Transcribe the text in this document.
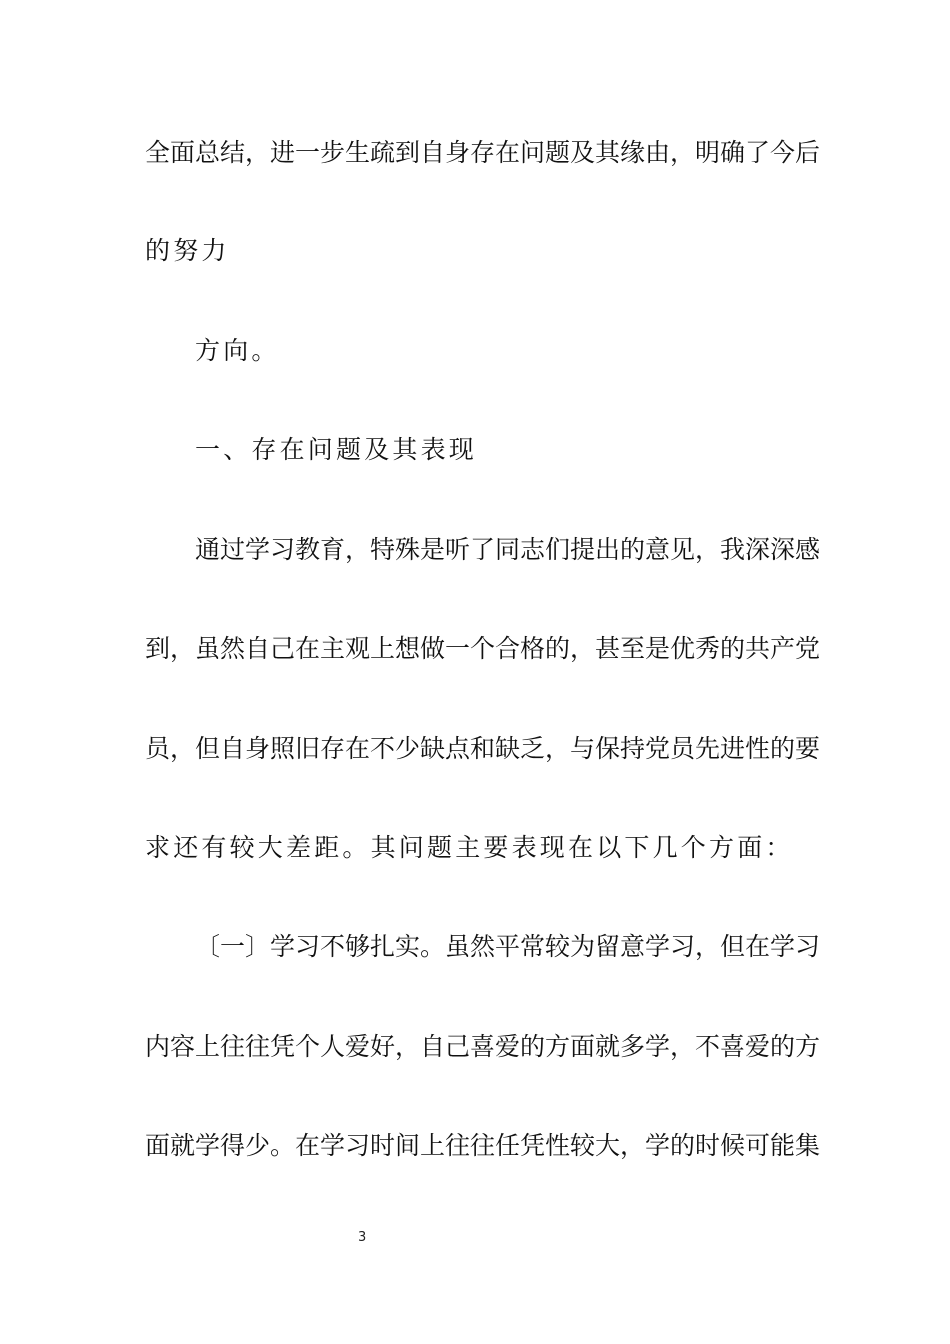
全面总结，进一步生疏到自身存在问题及其缘由，明确了今后
的努力
方向。
一、存在问题及其表现
通过学习教育，特殊是听了同志们提出的意见，我深深感
到，虽然自己在主观上想做一个合格的，甚至是优秀的共产党
员，但自身照旧存在不少缺点和缺乏，与保持党员先进性的要
求还有较大差距。其问题主要表现在以下几个方面：
〔一〕学习不够扎实。虽然平常较为留意学习，但在学习
内容上往往凭个人爱好，自己喜爱的方面就多学，不喜爱的方
面就学得少。在学习时间上往往任凭性较大，学的时候可能集
3
